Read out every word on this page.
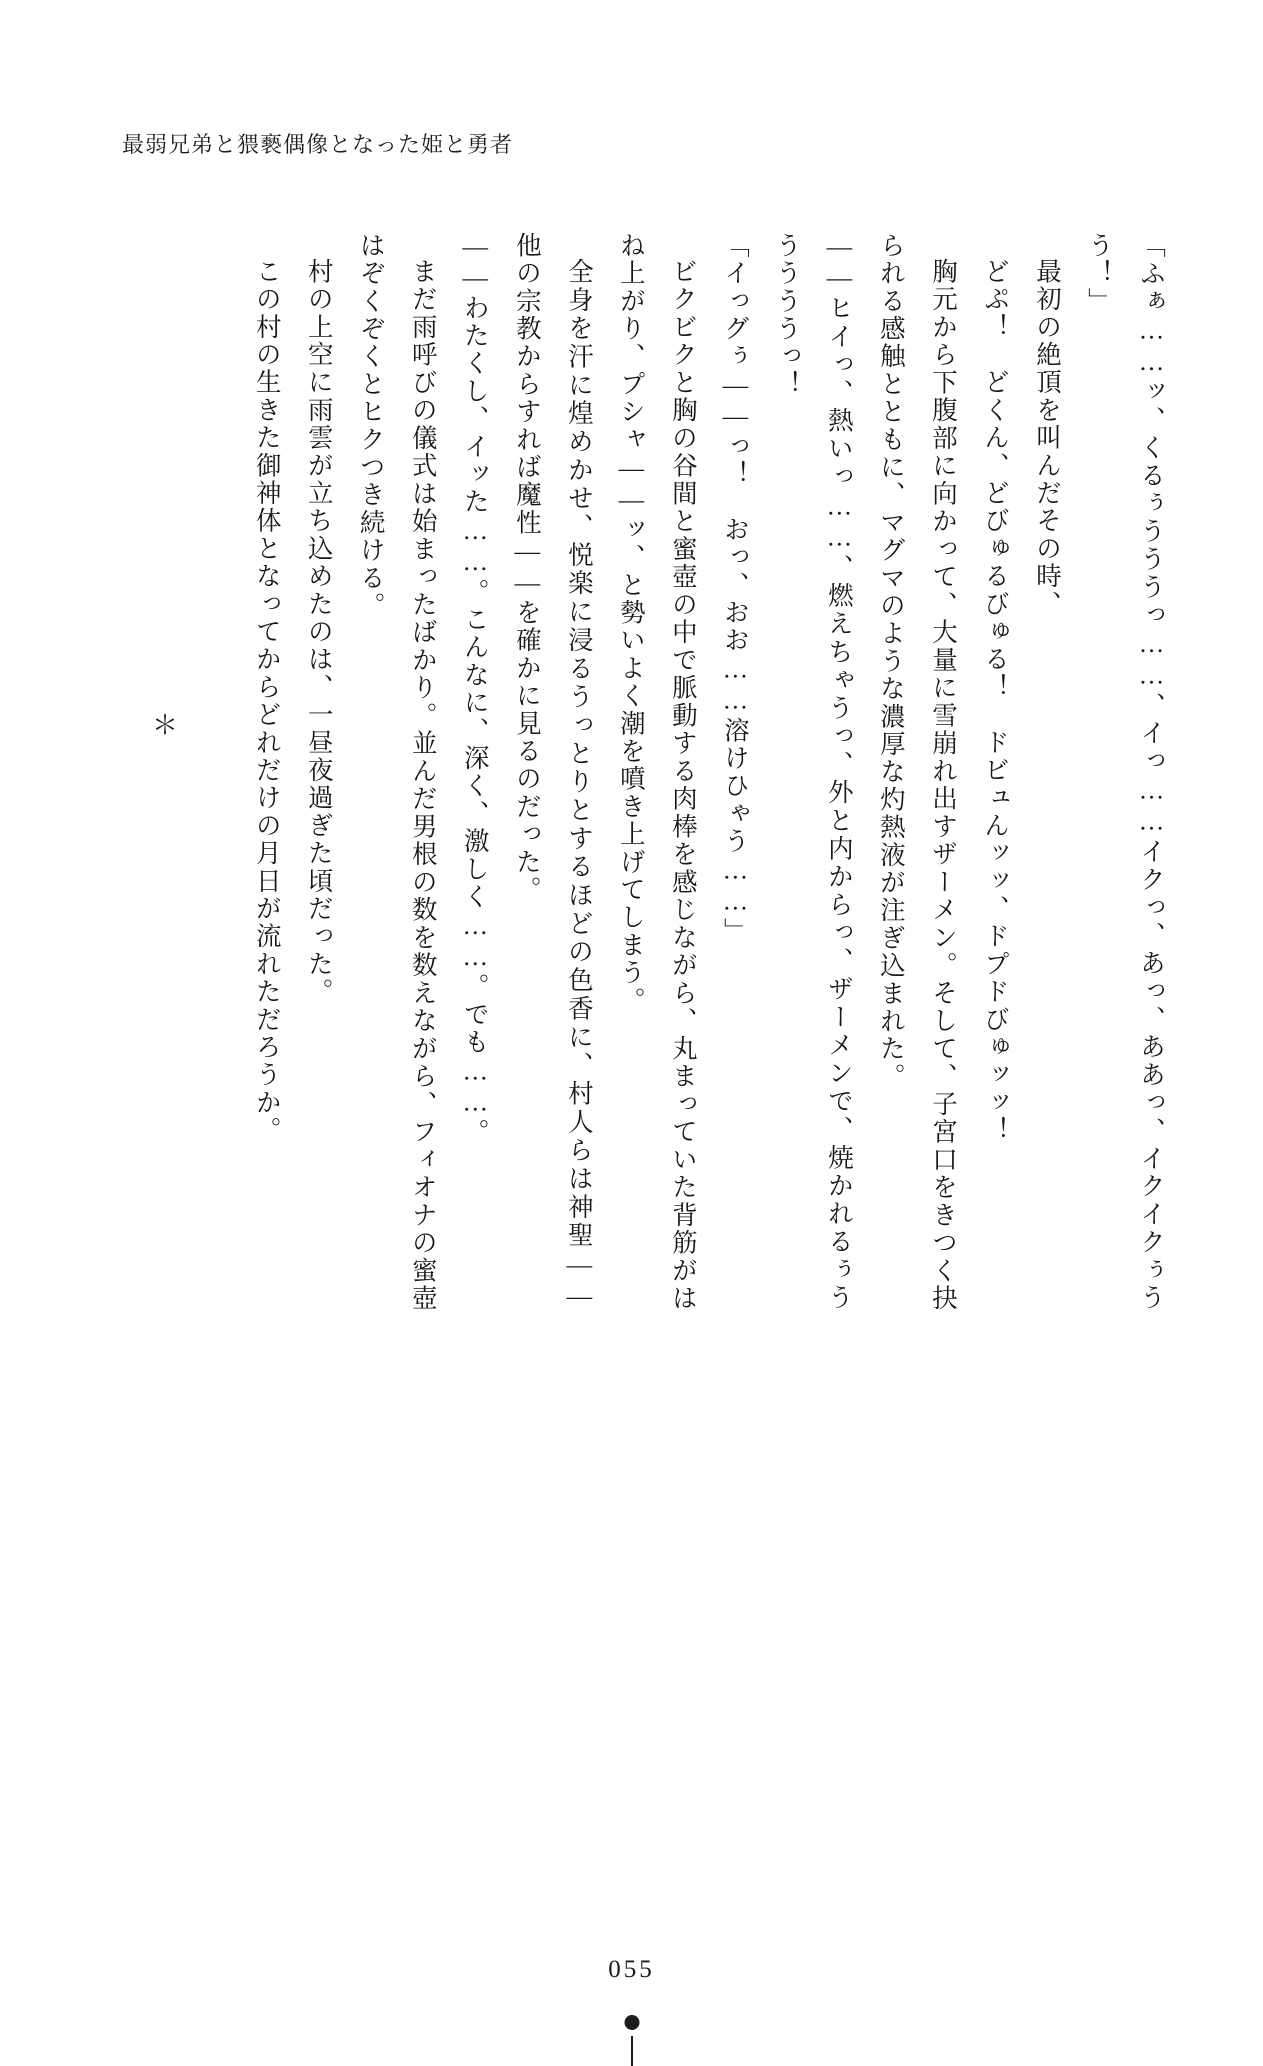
最弱兄弟と猥褻偶像となった姫と勇者

「ふぁ……ッ、くるぅうううっ……、イっ……イクっ、あっ、ああっ、イクイクぅうう！」

最初の絶頂を叫んだその時、

どぷ！　どくん、どびゅるびゅる！　ドビュんッッ、ドプドびゅッッ！

胸元から下腹部に向かって、大量に雪崩れ出すザーメン。そして、子宮口をきつく抉られる感触とともに、マグマのような濃厚な灼熱液が注ぎ込まれた。

――ヒイっ、熱いっ……、燃えちゃうっ、外と内からっ、ザーメンで、焼かれるぅうううううっ！

「イっグぅ――っ！　おっ、おお……溶けひゃう……」

ビクビクと胸の谷間と蜜壺の中で脈動する肉棒を感じながら、丸まっていた背筋がはね上がり、プシャ――ッ、と勢いよく潮を噴き上げてしまう。

全身を汗に煌めかせ、悦楽に浸るうっとりとするほどの色香に、村人らは神聖――他の宗教からすれば魔性――を確かに見るのだった。

――わたくし、イッた……。こんなに、深く、激しく……。でも……。

まだ雨呼びの儀式は始まったばかり。並んだ男根の数を数えながら、フィオナの蜜壺はぞくぞくとヒクつき続ける。

村の上空に雨雲が立ち込めたのは、一昼夜過ぎた頃だった。

この村の生きた御神体となってからどれだけの月日が流れただろうか。

＊
055
